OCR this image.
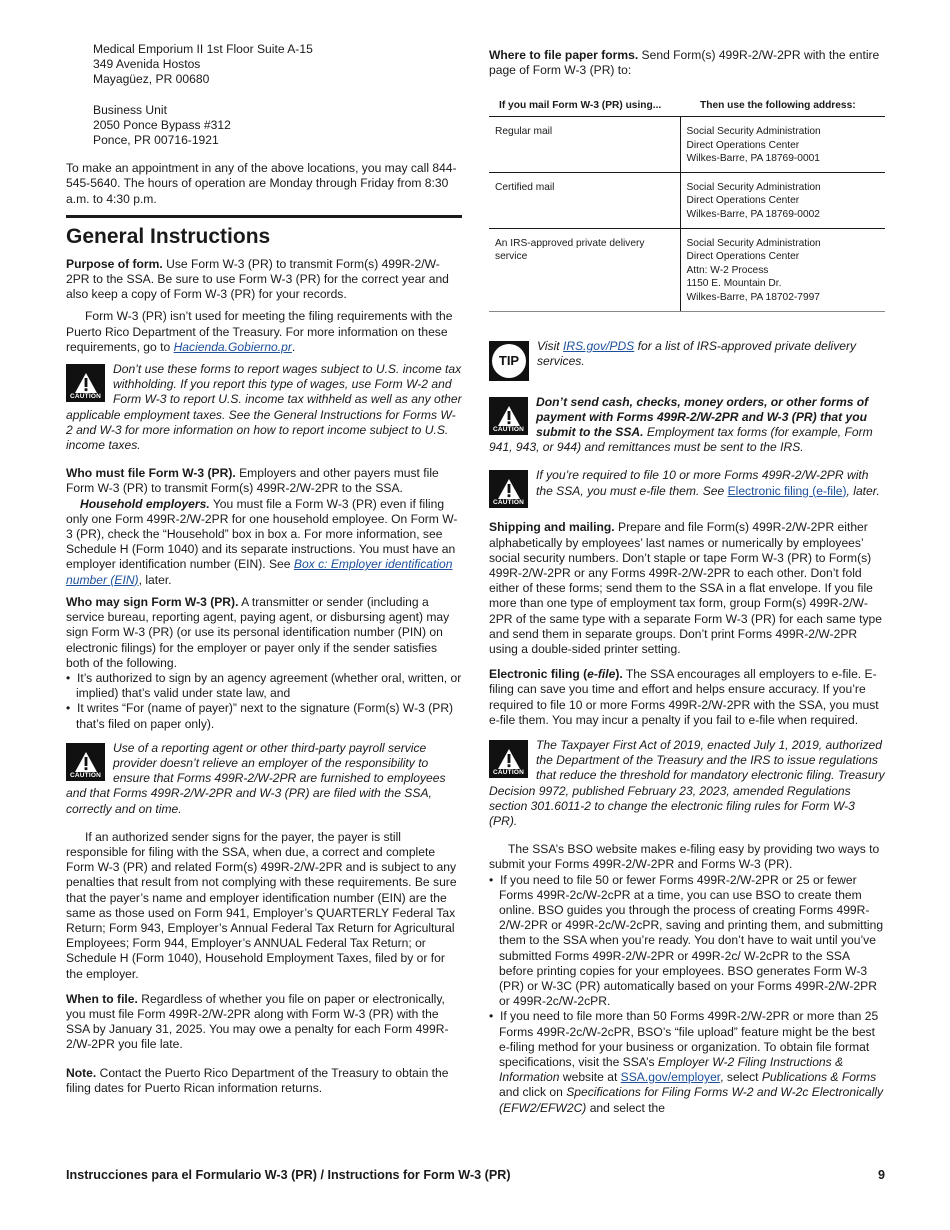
Medical Emporium II 1st Floor Suite A-15
349 Avenida Hostos
Mayagüez, PR 00680
Business Unit
2050 Ponce Bypass #312
Ponce, PR 00716-1921

To make an appointment in any of the above locations, you may call 844-545-5640. The hours of operation are Monday through Friday from 8:30 a.m. to 4:30 p.m.

General Instructions

Purpose of form. Use Form W-3 (PR) to transmit Form(s) 499R-2/W-2PR to the SSA. Be sure to use Form W-3 (PR) for the correct year and also keep a copy of Form W-3 (PR) for your records.

Form W-3 (PR) isn’t used for meeting the filing requirements with the Puerto Rico Department of the Treasury. For more information on these requirements, go to Hacienda.Gobierno.pr.

CAUTION

Don’t use these forms to report wages subject to U.S. income tax withholding. If you report this type of wages, use Form W-2 and Form W-3 to report U.S. income tax withheld as well as any other applicable employment taxes. See the General Instructions for Forms W-2 and W-3 for more information on how to report income subject to U.S. income taxes.

Who must file Form W-3 (PR). Employers and other payers must file Form W-3 (PR) to transmit Form(s) 499R-2/W-2PR to the SSA.

Household employers. You must file a Form W-3 (PR) even if filing only one Form 499R-2/W-2PR for one household employee. On Form W-3 (PR), check the “Household” box in box a. For more information, see Schedule H (Form 1040) and its separate instructions. You must have an employer identification number (EIN). See Box c: Employer identification number (EIN), later.

Who may sign Form W-3 (PR). A transmitter or sender (including a service bureau, reporting agent, paying agent, or disbursing agent) may sign Form W-3 (PR) (or use its personal identification number (PIN) on electronic filings) for the employer or payer only if the sender satisfies both of the following.

•  It’s authorized to sign by an agency agreement (whether oral, written, or implied) that’s valid under state law, and

•  It writes “For (name of payer)” next to the signature (Form(s) W-3 (PR) that’s filed on paper only).

CAUTION

Use of a reporting agent or other third-party payroll service provider doesn’t relieve an employer of the responsibility to ensure that Forms 499R-2/W-2PR are furnished to employees and that Forms 499R-2/W-2PR and W-3 (PR) are filed with the SSA, correctly and on time.

If an authorized sender signs for the payer, the payer is still responsible for filing with the SSA, when due, a correct and complete Form W-3 (PR) and related Form(s) 499R-2/W-2PR and is subject to any penalties that result from not complying with these requirements. Be sure that the payer’s name and employer identification number (EIN) are the same as those used on Form 941, Employer’s QUARTERLY Federal Tax Return; Form 943, Employer’s Annual Federal Tax Return for Agricultural Employees; Form 944, Employer’s ANNUAL Federal Tax Return; or Schedule H (Form 1040), Household Employment Taxes, filed by or for the employer.

When to file. Regardless of whether you file on paper or electronically, you must file Form 499R-2/W-2PR along with Form W-3 (PR) with the SSA by January 31, 2025. You may owe a penalty for each Form 499R-2/W-2PR you file late.

Note. Contact the Puerto Rico Department of the Treasury to obtain the filing dates for Puerto Rican information returns.

Where to file paper forms. Send Form(s) 499R-2/W-2PR with the entire page of Form W-3 (PR) to:

If you mail Form W-3 (PR) using...	Then use the following address:
Regular mail	Social Security Administration
Direct Operations Center
Wilkes-Barre, PA 18769-0001

Certified mail	Social Security Administration
Direct Operations Center
Wilkes-Barre, PA 18769-0002

An IRS-approved private delivery service	Social Security Administration
Direct Operations Center
Attn: W-2 Process
1150 E. Mountain Dr.
Wilkes-Barre, PA 18702-7997
TIP

Visit IRS.gov/PDS for a list of IRS-approved private delivery services.

CAUTION

Don’t send cash, checks, money orders, or other forms of payment with Forms 499R-2/W-2PR and W-3 (PR) that you submit to the SSA. Employment tax forms (for example, Form 941, 943, or 944) and remittances must be sent to the IRS.

CAUTION

If you’re required to file 10 or more Forms 499R-2/W-2PR with the SSA, you must e-file them. See Electronic filing (e-file), later.

Shipping and mailing. Prepare and file Form(s) 499R-2/W-2PR either alphabetically by employees’ last names or numerically by employees’ social security numbers. Don’t staple or tape Form W-3 (PR) to Form(s) 499R-2/W-2PR or any Forms 499R-2/W-2PR to each other. Don’t fold either of these forms; send them to the SSA in a flat envelope. If you file more than one type of employment tax form, group Form(s) 499R-2/W-2PR of the same type with a separate Form W-3 (PR) for each same type and send them in separate groups. Don’t print Forms 499R-2/W-2PR using a double-sided printer setting.

Electronic filing (e-file). The SSA encourages all employers to e-file. E-filing can save you time and effort and helps ensure accuracy. If you’re required to file 10 or more Forms 499R-2/W-2PR with the SSA, you must e-file them. You may incur a penalty if you fail to e-file when required.

CAUTION

The Taxpayer First Act of 2019, enacted July 1, 2019, authorized the Department of the Treasury and the IRS to issue regulations that reduce the threshold for mandatory electronic filing. Treasury Decision 9972, published February 23, 2023, amended Regulations section 301.6011-2 to change the electronic filing rules for Form W-3 (PR).

The SSA’s BSO website makes e-filing easy by providing two ways to submit your Forms 499R-2/W-2PR and Forms W-3 (PR).

•  If you need to file 50 or fewer Forms 499R-2/W-2PR or 25 or fewer Forms 499R-2c/W-2cPR at a time, you can use BSO to create them online. BSO guides you through the process of creating Forms 499R-2/W-2PR or 499R-2c/W-2cPR, saving and printing them, and submitting them to the SSA when you’re ready. You don’t have to wait until you’ve submitted Forms 499R-2/W-2PR or 499R-2c/ W-2cPR to the SSA before printing copies for your employees. BSO generates Form W-3 (PR) or W-3C (PR) automatically based on your Forms 499R-2/W-2PR or 499R-2c/W-2cPR.

•  If you need to file more than 50 Forms 499R-2/W-2PR or more than 25 Forms 499R-2c/W-2cPR, BSO’s “file upload” feature might be the best e-filing method for your business or organization. To obtain file format specifications, visit the SSA’s Employer W-2 Filing Instructions & Information website at SSA.gov/employer, select Publications & Forms and click on Specifications for Filing Forms W-2 and W-2c Electronically (EFW2/EFW2C) and select the

Instrucciones para el Formulario W-3 (PR) / Instructions for Form W-3 (PR)	9
